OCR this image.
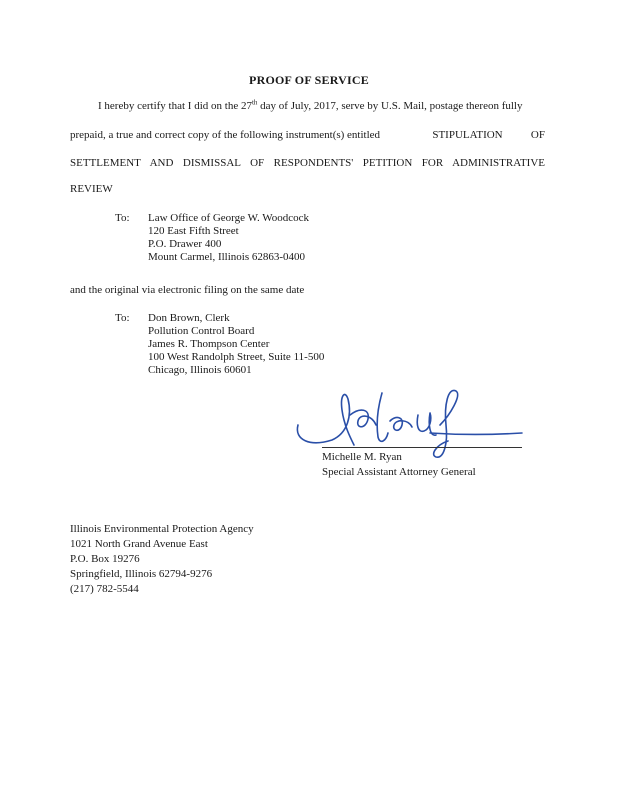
PROOF OF SERVICE
I hereby certify that I did on the 27th day of July, 2017, serve by U.S. Mail, postage thereon fully
prepaid, a true and correct copy of the following instrument(s) entitled	STIPULATION	OF
SETTLEMENT AND DISMISSAL OF RESPONDENTS' PETITION FOR ADMINISTRATIVE
REVIEW
To: Law Office of George W. Woodcock
120 East Fifth Street
P.O. Drawer 400
Mount Carmel, Illinois 62863-0400
and the original via electronic filing on the same date
To: Don Brown, Clerk
Pollution Control Board
James R. Thompson Center
100 West Randolph Street, Suite 11-500
Chicago, Illinois 60601
Michelle M. Ryan
Special Assistant Attorney General
Illinois Environmental Protection Agency
1021 North Grand Avenue East
P.O. Box 19276
Springfield, Illinois 62794-9276
(217) 782-5544
